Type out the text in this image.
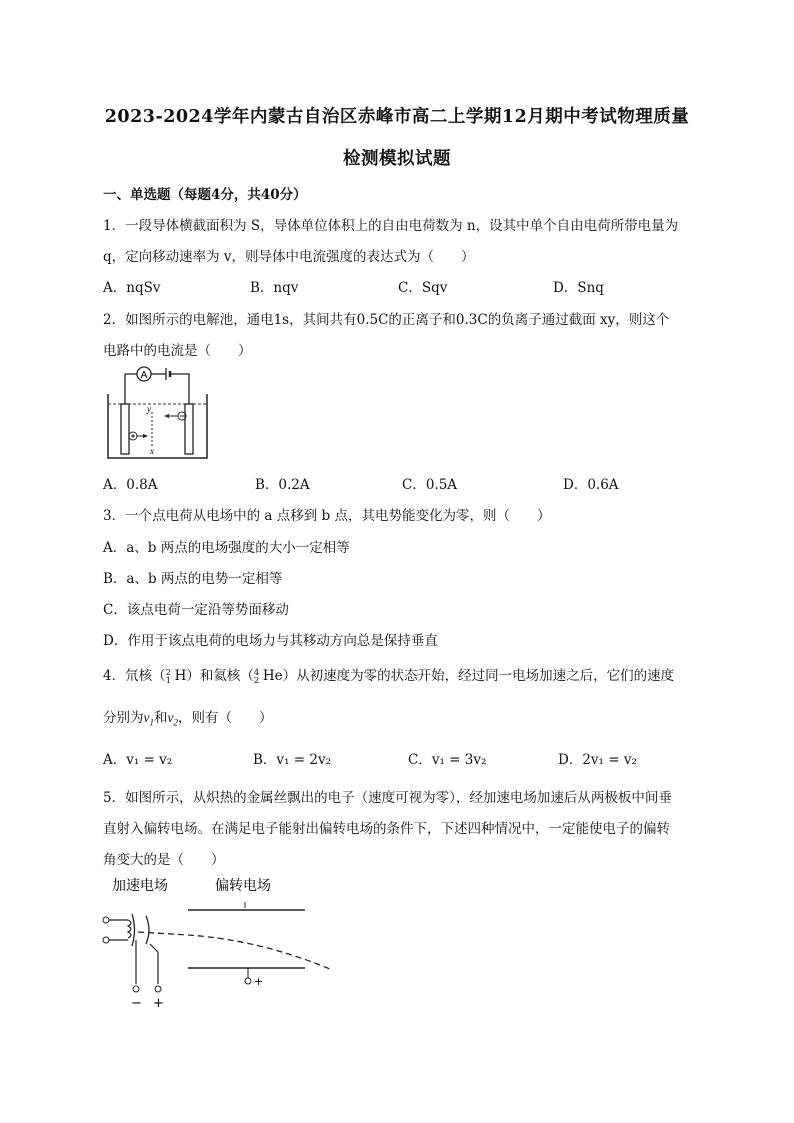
2023-2024学年内蒙古自治区赤峰市高二上学期12月期中考试物理质量
检测模拟试题
一、单选题（每题4分，共40分）
1．一段导体横截面积为 S，导体单位体积上的自由电荷数为 n，设其中单个自由电荷所带电量为
q，定向移动速率为 v，则导体中电流强度的表达式为（　　）
A．nqSv	B．nqv	C．Sqv	D．Snq
2．如图所示的电解池，通电1s，其间共有0.5C的正离子和0.3C的负离子通过截面 xy，则这个
电路中的电流是（　　）
A
y
x
A．0.8A	B．0.2A	C．0.5A	D．0.6A
3．一个点电荷从电场中的 a 点移到 b 点，其电势能变化为零，则（　　）
A．a、b 两点的电场强度的大小一定相等
B．a、b 两点的电势一定相等
C．该点电荷一定沿等势面移动
D．作用于该点电荷的电场力与其移动方向总是保持垂直
4．氘核（ 2
1 H）和氦核（ 4
2 He）从初速度为零的状态开始，经过同一电场加速之后，它们的速度
分别为$v_1$和$v_2$，则有（　　）
A．v₁ = v₂	B．v₁ = 2v₂	C．v₁ = 3v₂	D．2v₁ = v₂
5．如图所示，从炽热的金属丝飘出的电子（速度可视为零），经加速电场加速后从两极板中间垂
直射入偏转电场。在满足电子能射出偏转电场的条件下，下述四种情况中，一定能使电子的偏转
角变大的是（　　）
加速电场	偏转电场
+
− +
